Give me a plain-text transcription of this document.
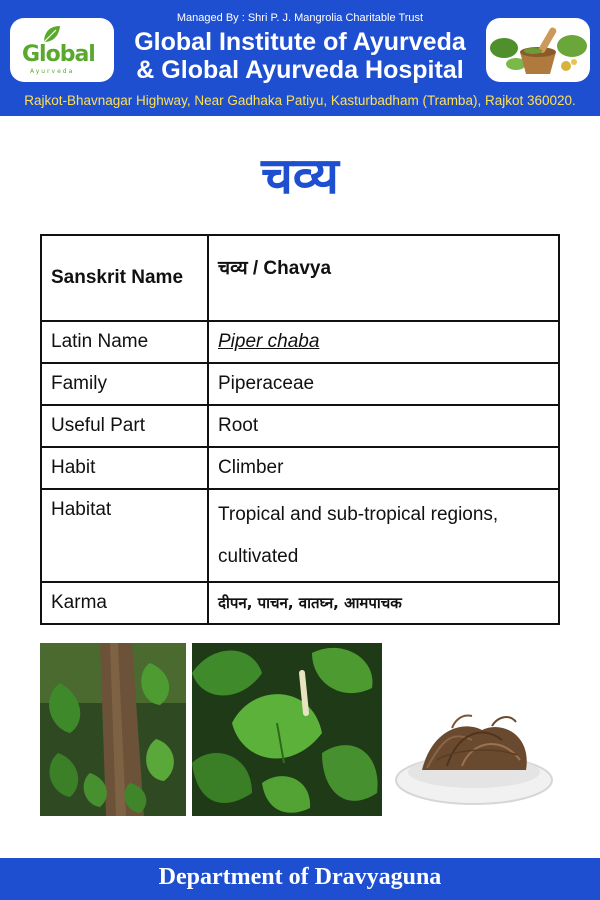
Managed By : Shri P. J. Mangrolia Charitable Trust
Global Institute of Ayurveda
& Global Ayurveda Hospital
Global
Ayurveda
Rajkot-Bhavnagar Highway, Near Gadhaka Patiyu, Kasturbadham (Tramba), Rajkot 360020.
चव्य
Sanskrit Name	चव्य / Chavya
Latin Name	Piper chaba
Family	Piperaceae
Useful Part	Root
Habit	Climber
Habitat	Tropical and sub-tropical regions, cultivated
Karma	दीपन, पाचन, वातघ्न, आमपाचक
Department of Dravyaguna
